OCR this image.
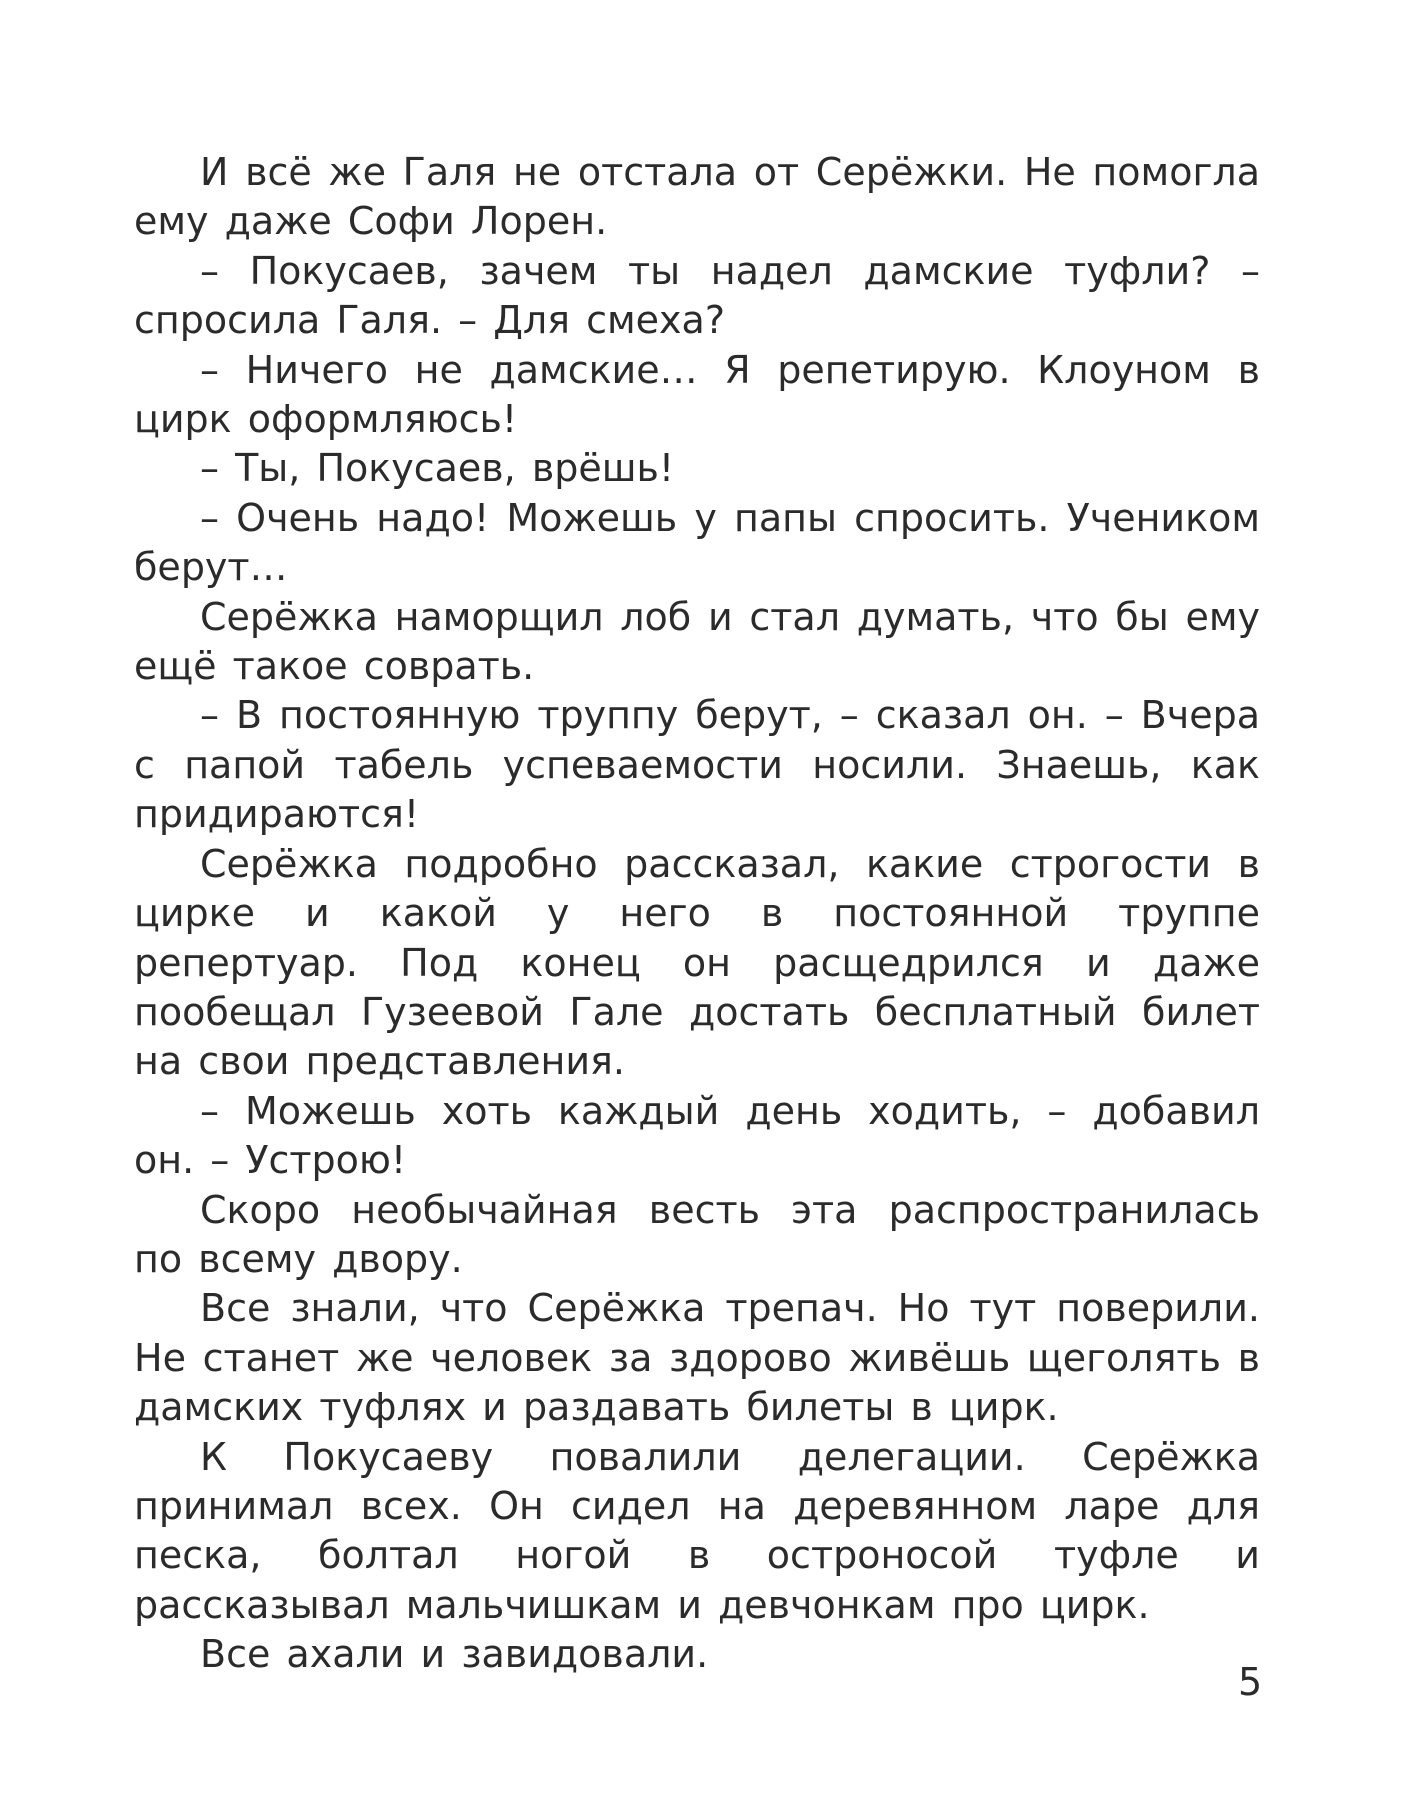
И всё же Галя не отстала от Серёжки. Не помогла ему даже Софи Лорен.

– Покусаев, зачем ты надел дамские туфли? – спросила Галя. – Для смеха?

– Ничего не дамские… Я репетирую. Клоуном в цирк оформляюсь!

– Ты, Покусаев, врёшь!

– Очень надо! Можешь у папы спросить. Учеником берут…

Серёжка наморщил лоб и стал думать, что бы ему ещё такое соврать.

– В постоянную труппу берут, – сказал он. – Вчера с папой табель успеваемости носили. Знаешь, как придираются!

Серёжка подробно рассказал, какие строгости в цирке и какой у него в постоянной труппе репертуар. Под конец он расщедрился и даже пообещал Гузеевой Гале достать бесплатный билет на свои представления.

– Можешь хоть каждый день ходить, – добавил он. – Устрою!

Скоро необычайная весть эта распространилась по всему двору.

Все знали, что Серёжка трепач. Но тут поверили. Не станет же человек за здорово живёшь щеголять в дамских туфлях и раздавать билеты в цирк.

К Покусаеву повалили делегации. Серёжка принимал всех. Он сидел на деревянном ларе для песка, болтал ногой в остроносой туфле и рассказывал мальчишкам и девчонкам про цирк.

Все ахали и завидовали.

5
